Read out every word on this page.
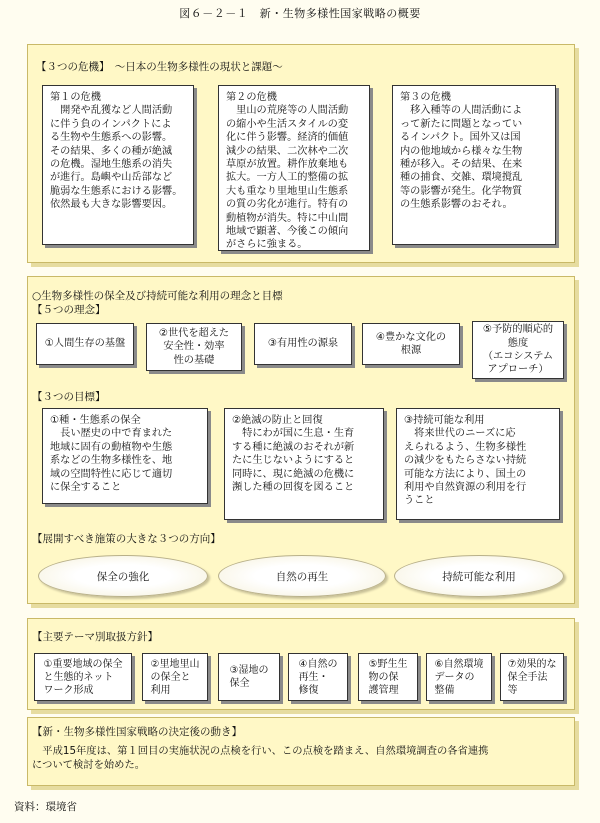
図６－２－１　新・生物多様性国家戦略の概要
【３つの危機】　～日本の生物多様性の現状と課題～
第１の危機
　開発や乱獲など人間活動
に伴う負のインパクトによ
る生物や生態系への影響。
その結果、多くの種が絶滅
の危機。湿地生態系の消失
が進行。島嶼や山岳部など
脆弱な生態系における影響。
依然最も大きな影響要因。
第２の危機
　里山の荒廃等の人間活動
の縮小や生活スタイルの変
化に伴う影響。経済的価値
減少の結果、二次林や二次
草原が放置。耕作放棄地も
拡大。一方人工的整備の拡
大も重なり里地里山生態系
の質の劣化が進行。特有の
動植物が消失。特に中山間
地域で顕著、今後この傾向
がさらに強まる。
第３の危機
　移入種等の人間活動によ
って新たに問題となってい
るインパクト。国外又は国
内の他地域から様々な生物
種が移入。その結果、在来
種の捕食、交雑、環境撹乱
等の影響が発生。化学物質
の生態系影響のおそれ。
○生物多様性の保全及び持続可能な利用の理念と目標
【５つの理念】
①人間生存の基盤
②世代を超えた
安全性・効率
性の基礎
③有用性の源泉
④豊かな文化の
根源
⑤予防的順応的
態度
（エコシステム
アプローチ）
【３つの目標】
①種・生態系の保全
　長い歴史の中で育まれた
地域に固有の動植物や生態
系などの生物多様性を、地
域の空間特性に応じて適切
に保全すること
②絶滅の防止と回復
　特にわが国に生息・生育
する種に絶滅のおそれが新
たに生じないようにすると
同時に、現に絶滅の危機に
瀕した種の回復を図ること
③持続可能な利用
　将来世代のニーズに応
えられるよう、生物多様性
の減少をもたらさない持続
可能な方法により、国土の
利用や自然資源の利用を行
うこと
【展開すべき施策の大きな３つの方向】
保全の強化	自然の再生	持続可能な利用
【主要テーマ別取扱方針】
①重要地域の保全
と生態的ネット
ワーク形成
②里地里山
の保全と
利用
③湿地の
保全
④自然の
再生・
修復
⑤野生生
物の保
護管理
⑥自然環境
データの
整備
⑦効果的な
保全手法
等
【新・生物多様性国家戦略の決定後の動き】
　平成15年度は、第１回目の実施状況の点検を行い、この点検を踏まえ、自然環境調査の各省連携
について検討を始めた。
資料：環境省
